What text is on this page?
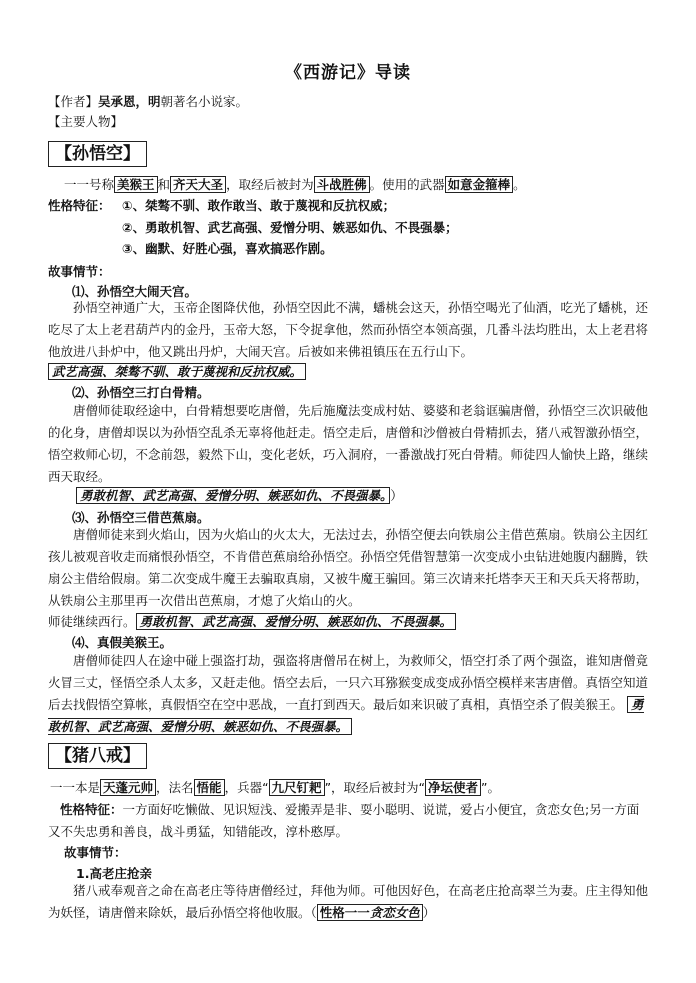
《西游记》导读
【作者】吴承恩，明朝著名小说家。
【主要人物】
【孙悟空】
一一号称 美猴王 和 齐天大圣 ，取经后被封为 斗战胜佛 。使用的武器 如意金箍棒 。
性格特征： ①、桀骜不驯、敢作敢当、敢于蔑视和反抗权威；
②、勇敢机智、武艺高强、爱憎分明、嫉恶如仇、不畏强暴；
③、幽默、好胜心强，喜欢搞恶作剧。
故事情节：
⑴、孙悟空大闹天宫。
孙悟空神通广大，玉帝企图降伏他，孙悟空因此不满，蟠桃会这天，孙悟空喝光了仙酒，吃光了蟠桃，还吃尽了太上老君葫芦内的金丹，玉帝大怒，下令捉拿他，然而孙悟空本领高强，几番斗法均胜出，太上老君将他放进八卦炉中，他又跳出丹炉，大闹天宫。后被如来佛祖镇压在五行山下。
武艺高强、桀骜不驯、敢于蔑视和反抗权威。
⑵、孙悟空三打白骨精。
唐僧师徒取经途中，白骨精想要吃唐僧，先后施魔法变成村姑、婆婆和老翁诓骗唐僧，孙悟空三次识破他的化身，唐僧却误以为孙悟空乱杀无辜将他赶走。悟空走后，唐僧和沙僧被白骨精抓去，猪八戒智激孙悟空，悟空救师心切，不念前怨，毅然下山，变化老妖，巧入洞府，一番激战打死白骨精。师徒四人愉快上路，继续西天取经。
勇敢机智、武艺高强、爱憎分明、嫉恶如仇、不畏强暴。 ）
⑶、孙悟空三借芭蕉扇。
唐僧师徒来到火焰山，因为火焰山的火太大，无法过去，孙悟空便去向铁扇公主借芭蕉扇。铁扇公主因红孩儿被观音收走而痛恨孙悟空，不肯借芭蕉扇给孙悟空。孙悟空凭借智慧第一次变成小虫钻进她腹内翻腾，铁扇公主借给假扇。第二次变成牛魔王去骗取真扇，又被牛魔王骗回。第三次请来托塔李天王和天兵天将帮助，从铁扇公主那里再一次借出芭蕉扇，才熄了火焰山的火。
师徒继续西行。 勇敢机智、武艺高强、爱憎分明、嫉恶如仇、不畏强暴。
⑷、真假美猴王。
唐僧师徒四人在途中碰上强盗打劫，强盗将唐僧吊在树上，为救师父，悟空打杀了两个强盗，谁知唐僧竟火冒三丈，怪悟空杀人太多，又赶走他。悟空去后，一只六耳猕猴变成变成孙悟空模样来害唐僧。真悟空知道后去找假悟空算帐，真假悟空在空中恶战，一直打到西天。最后如来识破了真相，真悟空杀了假美猴王。 勇敢机智、武艺高强、爱憎分明、嫉恶如仇、不畏强暴。
【猪八戒】
一一本是 天蓬元帅 ，法名 悟能 ，兵器“ 九尺钉耙 ”，取经后被封为“ 净坛使者 ”。
性格特征：一方面好吃懒做、见识短浅、爱搬弄是非、耍小聪明、说谎，爱占小便宜，贪恋女色;另一方面又不失忠勇和善良，战斗勇猛，知错能改，淳朴憨厚。
故事情节：
1.高老庄抢亲
猪八戒奉观音之命在高老庄等待唐僧经过，拜他为师。可他因好色，在高老庄抢高翠兰为妻。庄主得知他为妖怪，请唐僧来除妖，最后孙悟空将他收服。（ 性格一一贪恋女色 ）
